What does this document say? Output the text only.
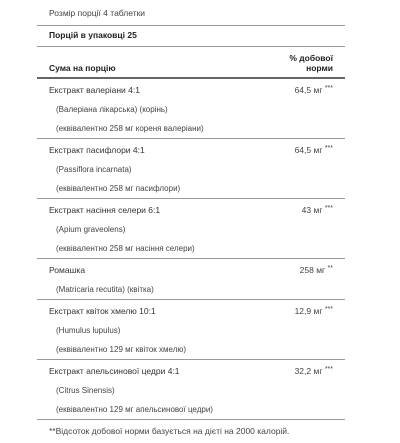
Розмір порції 4 таблетки
Порцій в упаковці 25
Сума на порцію
% добової
норми
Екстракт валеріани 4:1	64,5 мг ***
(Валеріана лікарська) (корінь)
(еквівалентно 258 мг кореня валеріани)
Екстракт пасифлори 4:1	64,5 мг ***
(Passiflora incarnata)
(еквівалентно 258 мг пасифлори)
Екстракт насіння селери 6:1	43 мг ***
(Apium graveolens)
(еквівалентно 258 мг насіння селери)
Ромашка	258 мг **
(Matricaria recutita) (квітка)
Екстракт квіток хмелю 10:1	12,9 мг ***
(Humulus lupulus)
(еквівалентно 129 мг квіток хмелю)
Екстракт апельсинової цедри 4:1	32,2 мг ***
(Citrus Sinensis)
(еквівалентно 129 мг апельсинової цедри)
**Відсоток добової норми базується на дієті на 2000 калорій.
